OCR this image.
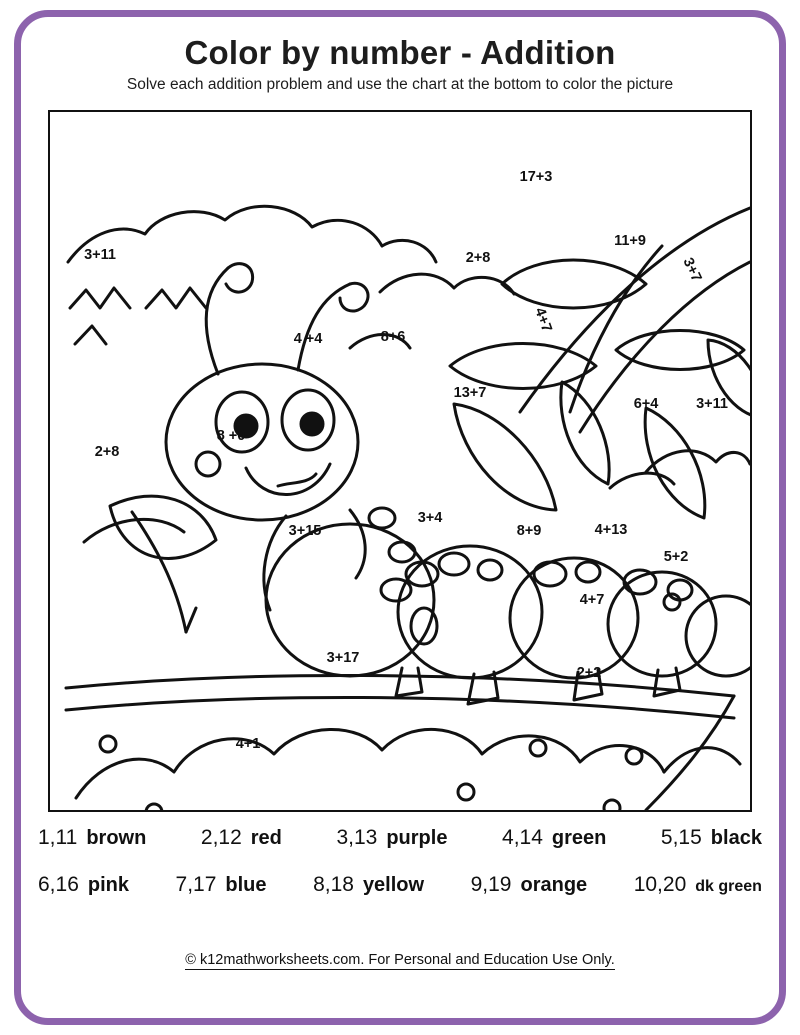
Color by number - Addition
Solve each addition problem and use the chart at the bottom to color the picture
3+11
17+3
2+8
11+9
3+7
4+7
4 +4	8+6
13+7
6+4	3+11
2+8
8 +0
3+15
3+4
8+9	4+13
5+2
4+7
3+17
2+2
4+1
1,11 brown	2,12 red	3,13 purple	4,14 green	5,15 black
6,16 pink 7,17 blue 8,18 yellow 9,19 orange 10,20 dk green
© k12mathworksheets.com. For Personal and Education Use Only.
